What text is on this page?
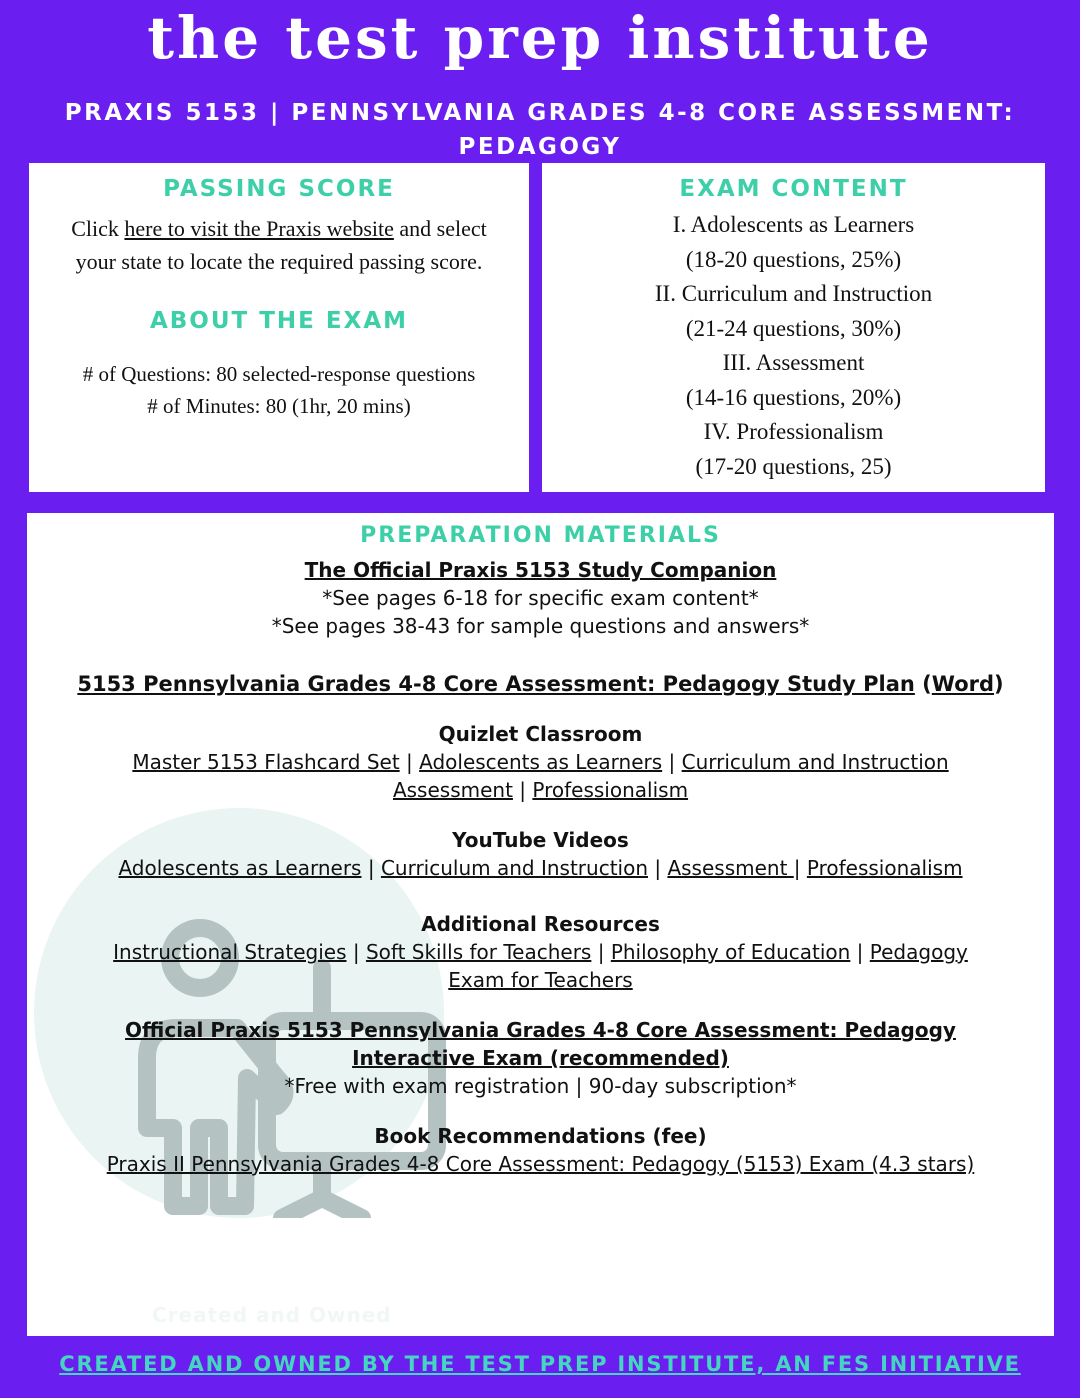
the test prep institute
PRAXIS 5153 | PENNSYLVANIA GRADES 4-8 CORE ASSESSMENT: PEDAGOGY
PASSING SCORE
Click here to visit the Praxis website and select your state to locate the required passing score.
ABOUT THE EXAM
# of Questions: 80 selected-response questions
# of Minutes: 80 (1hr, 20 mins)
EXAM CONTENT
I. Adolescents as Learners
(18-20 questions, 25%)
II. Curriculum and Instruction
(21-24 questions, 30%)
III. Assessment
(14-16 questions, 20%)
IV. Professionalism
(17-20 questions, 25)
Created and Owned
PREPARATION MATERIALS
The Official Praxis 5153 Study Companion
*See pages 6-18 for specific exam content*
*See pages 38-43 for sample questions and answers*
5153 Pennsylvania Grades 4-8 Core Assessment: Pedagogy Study Plan (Word)
Quizlet Classroom
Master 5153 Flashcard Set | Adolescents as Learners | Curriculum and Instruction Assessment | Professionalism
YouTube Videos
Adolescents as Learners | Curriculum and Instruction | Assessment | Professionalism
Additional Resources
Instructional Strategies | Soft Skills for Teachers | Philosophy of Education | Pedagogy Exam for Teachers
Official Praxis 5153 Pennsylvania Grades 4-8 Core Assessment: Pedagogy Interactive Exam (recommended)
*Free with exam registration | 90-day subscription*
Book Recommendations (fee)
Praxis II Pennsylvania Grades 4-8 Core Assessment: Pedagogy (5153) Exam (4.3 stars)
CREATED AND OWNED BY THE TEST PREP INSTITUTE, AN FES INITIATIVE
